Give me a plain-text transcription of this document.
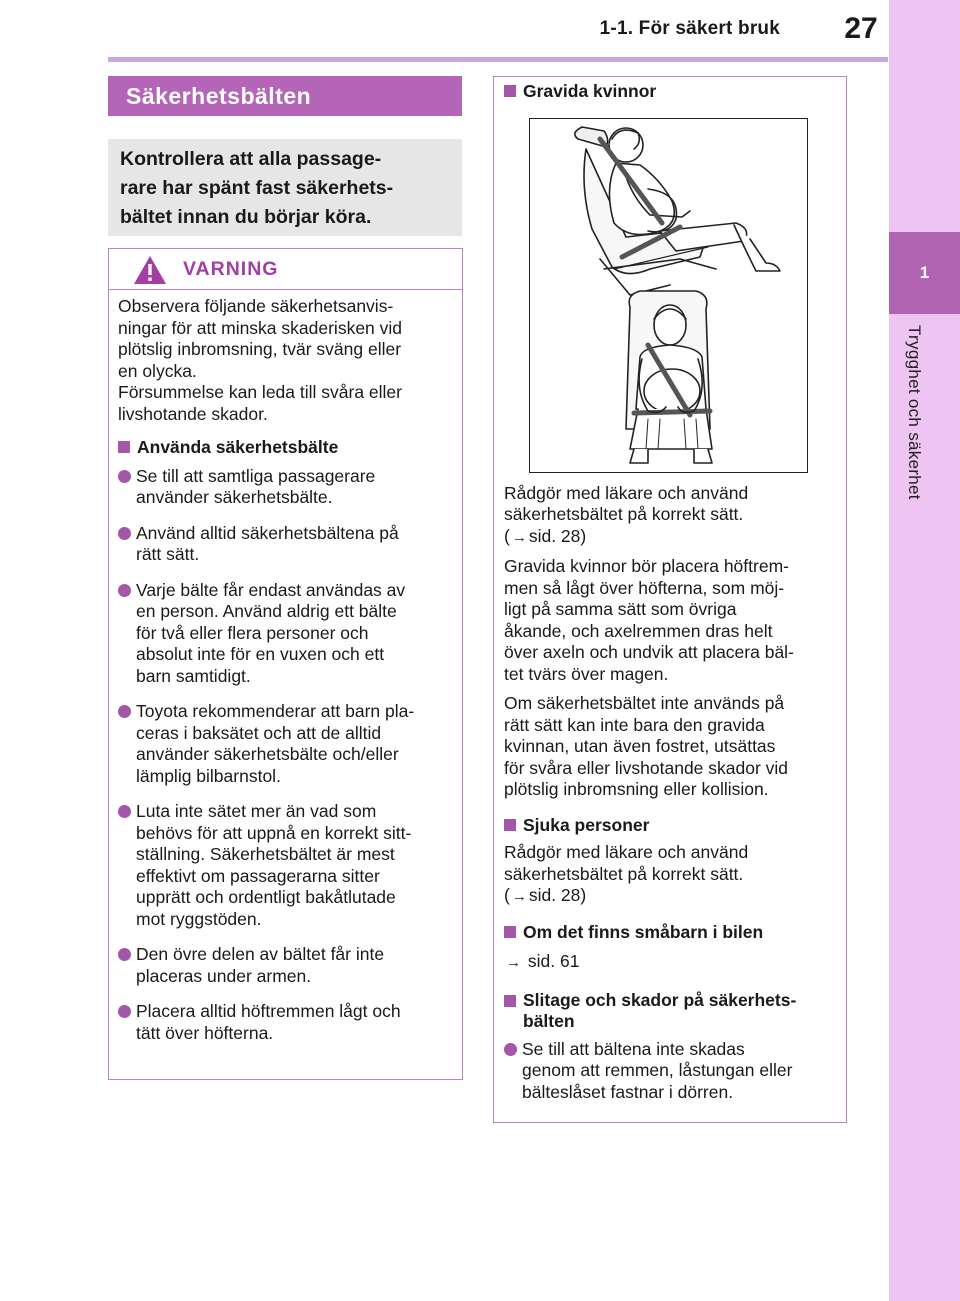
1-1. För säkert bruk 27
1
Trygghet och säkerhet
Säkerhetsbälten
Kontrollera att alla passage-
rare har spänt fast säkerhets-
bältet innan du börjar köra.
VARNING
Observera följande säkerhetsanvis-
ningar för att minska skaderisken vid
plötslig inbromsning, tvär sväng eller
en olycka.
Försummelse kan leda till svåra eller
livshotande skador.
Använda säkerhetsbälte
Se till att samtliga passagerare
använder säkerhetsbälte.
Använd alltid säkerhetsbältena på
rätt sätt.
Varje bälte får endast användas av
en person. Använd aldrig ett bälte
för två eller flera personer och
absolut inte för en vuxen och ett
barn samtidigt.
Toyota rekommenderar att barn pla-
ceras i baksätet och att de alltid
använder säkerhetsbälte och/eller
lämplig bilbarnstol.
Luta inte sätet mer än vad som
behövs för att uppnå en korrekt sitt-
ställning. Säkerhetsbältet är mest
effektivt om passagerarna sitter
upprätt och ordentligt bakåtlutade
mot ryggstöden.
Den övre delen av bältet får inte
placeras under armen.
Placera alltid höftremmen lågt och
tätt över höfterna.
Gravida kvinnor
Rådgör med läkare och använd
säkerhetsbältet på korrekt sätt.
( → sid. 28)
Gravida kvinnor bör placera höftrem-
men så lågt över höfterna, som möj-
ligt på samma sätt som övriga
åkande, och axelremmen dras helt
över axeln och undvik att placera bäl-
tet tvärs över magen.
Om säkerhetsbältet inte används på
rätt sätt kan inte bara den gravida
kvinnan, utan även fostret, utsättas
för svåra eller livshotande skador vid
plötslig inbromsning eller kollision.
Sjuka personer
Rådgör med läkare och använd
säkerhetsbältet på korrekt sätt.
( → sid. 28)
Om det finns småbarn i bilen
→ sid. 61
Slitage och skador på säkerhets-
bälten
Se till att bältena inte skadas
genom att remmen, låstungan eller
bälteslåset fastnar i dörren.
